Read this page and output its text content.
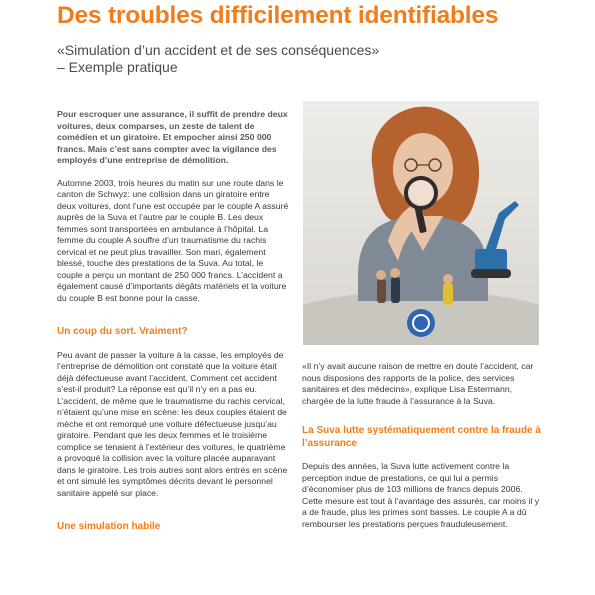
Des troubles difficilement identifiables
«Simulation d’un accident et de ses conséquences»
– Exemple pratique

Pour escroquer une assurance, il suffit de prendre deux voitures, deux comparses, un zeste de talent de comédien et un giratoire. Et empocher ainsi 250 000 francs. Mais c’est sans compter avec la vigilance des employés d’une entreprise de démolition.

Automne 2003, trois heures du matin sur une route dans le canton de Schwyz: une collision dans un giratoire entre deux voitures, dont l’une est occupée par le couple A assuré auprès de la Suva et l’autre par le couple B. Les deux femmes sont transportées en ambulance à l’hôpital. La femme du couple A souffre d’un traumatisme du rachis cervical et ne peut plus travailler. Son mari, également blessé, touche des prestations de la Suva. Au total, le couple a perçu un montant de 250 000 francs. L’accident a également causé d’importants dégâts matériels et la voiture du couple B est bonne pour la casse.

Un coup du sort. Vraiment?

Peu avant de passer la voiture à la casse, les employés de l’entreprise de démolition ont constaté que la voiture était déjà défectueuse avant l’accident. Comment cet accident s’est-il produit? La réponse est qu’il n’y en a pas eu. L’accident, de même que le traumatisme du rachis cervical, n’étaient qu’une mise en scène: les deux couples étaient de mèche et ont remorqué une voiture défectueuse jusqu’au giratoire. Pendant que les deux femmes et le troisième complice se tenaient à l’extérieur des voitures, le quatrième a provoqué la collision avec la voiture placée auparavant dans le giratoire. Les trois autres sont alors entrés en scène et ont simulé les symptômes décrits devant le personnel sanitaire appelé sur place.

Une simulation habile

«Il n’y avait aucune raison de mettre en doute l’accident, car nous disposions des rapports de la police, des services sanitaires et des médecins», explique Lisa Estermann, chargée de la lutte fraude à l’assurance à la Suva.

La Suva lutte systématiquement contre la fraude à l’assurance

Depuis des années, la Suva lutte activement contre la perception indue de prestations, ce qui lui a permis d’économiser plus de 103 millions de francs depuis 2006. Cette mesure est tout à l’avantage des assurés, car moins il y a de fraude, plus les primes sont basses. Le couple A a dû rembourser les prestations perçues frauduleusement.
